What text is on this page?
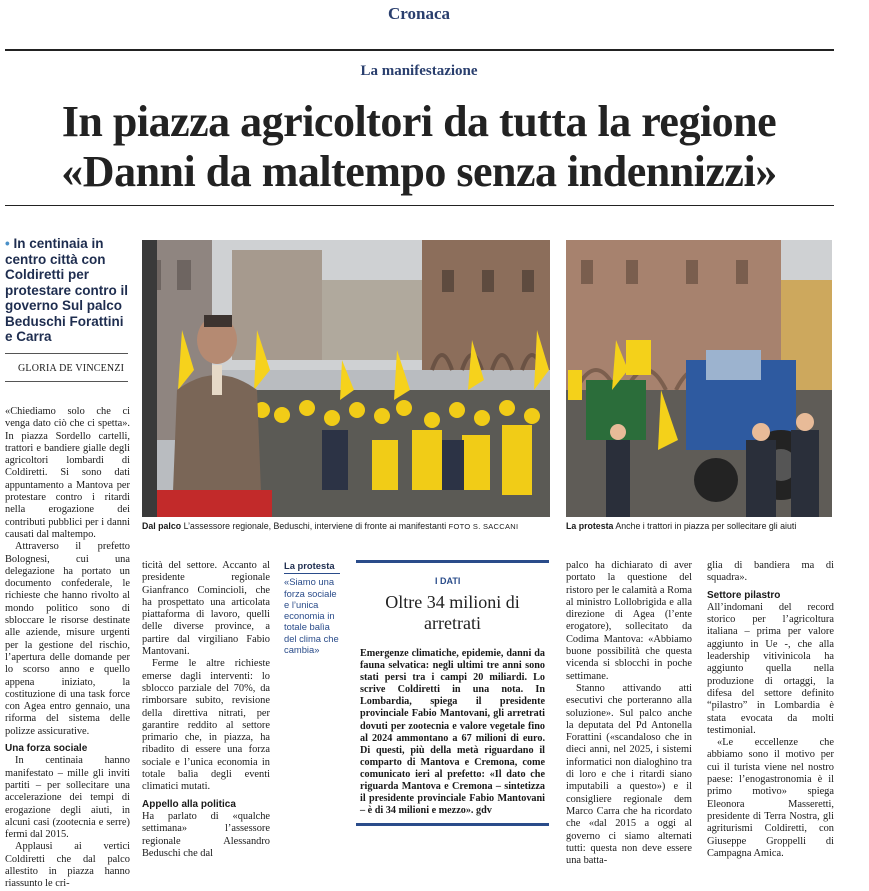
Cronaca
La manifestazione
In piazza agricoltori da tutta la regione
«Danni da maltempo senza indennizzi»
• In centinaia in centro città con Coldiretti per protestare contro il governo Sul palco Beduschi Forattini e Carra
GLORIA DE VINCENZI
Dal palco L’assessore regionale, Beduschi, interviene di fronte ai manifestanti FOTO S. SACCANI	La protesta Anche i trattori in piazza per sollecitare gli aiuti

«Chiediamo solo che ci venga dato ciò che ci spetta». In piazza Sordello cartelli, trattori e bandiere gialle degli agricoltori lombardi di Coldiretti. Si sono dati appuntamento a Mantova per protestare contro i ritardi nella erogazione dei contributi pubblici per i danni causati dal maltempo.

Attraverso il prefetto Bolognesi, cui una delegazione ha portato un documento confederale, le richieste che hanno rivolto al mondo politico sono di sbloccare le risorse destinate alle aziende, misure urgenti per la gestione del rischio, l’apertura delle domande per lo scorso anno e quello appena iniziato, la costituzione di una task force con Agea entro gennaio, una riforma del sistema delle polizze assicurative.

Una forza sociale

In centinaia hanno manifestato – mille gli inviti partiti – per sollecitare una accelerazione dei tempi di erogazione degli aiuti, in alcuni casi (zootecnia e serre) fermi dal 2015.

Applausi ai vertici Coldiretti che dal palco allestito in piazza hanno riassunto le cri-

ticità del settore. Accanto al presidente regionale Gianfranco Comincioli, che ha prospettato una articolata piattaforma di lavoro, quelli delle diverse province, a partire dal virgiliano Fabio Mantovani.

Ferme le altre richieste emerse dagli interventi: lo sblocco parziale del 70%, da rimborsare subito, revisione della direttiva nitrati, per garantire reddito al settore primario che, in piazza, ha ribadito di essere una forza sociale e l’unica economia in totale balìa degli eventi climatici mutati.

Appello alla politica

Ha parlato di «qualche settimana» l’assessore regionale Alessandro Beduschi che dal

La protesta
«Siamo una forza sociale e l’unica economia in totale balìa del clima che cambia»
I DATI
Oltre 34 milioni di arretrati
Emergenze climatiche, epidemie, danni da fauna selvatica: negli ultimi tre anni sono stati persi tra i campi 20 miliardi. Lo scrive Coldiretti in una nota. In Lombardia, spiega il presidente provinciale Fabio Mantovani, gli arretrati dovuti per zootecnia e valore vegetale fino al 2024 ammontano a 67 milioni di euro. Di questi, più della metà riguardano il comparto di Mantova e Cremona, come comunicato ieri al prefetto: «Il dato che riguarda Mantova e Cremona – sintetizza il presidente provinciale Fabio Mantovani – è di 34 milioni e mezzo». gdv

palco ha dichiarato di aver portato la questione del ristoro per le calamità a Roma al ministro Lollobrigida e alla direzione di Agea (l’ente erogatore), sollecitato da Codima Mantova: «Abbiamo buone possibilità che questa vicenda si sblocchi in poche settimane.

Stanno attivando atti esecutivi che porteranno alla soluzione». Sul palco anche la deputata del Pd Antonella Forattini («scandaloso che in dieci anni, nel 2025, i sistemi informatici non dialoghino tra di loro e che i ritardi siano imputabili a questo») e il consigliere regionale dem Marco Carra che ha ricordato che «dal 2015 a oggi al governo ci siamo alternati tutti: questa non deve essere una batta-

glia di bandiera ma di squadra».

Settore pilastro

All’indomani del record storico per l’agricoltura italiana – prima per valore aggiunto in Ue -, che alla leadership vitivinicola ha aggiunto quella nella produzione di ortaggi, la difesa del settore definito “pilastro” in Lombardia è stata evocata da molti testimonial.

«Le eccellenze che abbiamo sono il motivo per cui il turista viene nel nostro paese: l’enogastronomia è il primo motivo» spiega Eleonora Masseretti, presidente di Terra Nostra, gli agriturismi Coldiretti, con Giuseppe Groppelli di Campagna Amica.
